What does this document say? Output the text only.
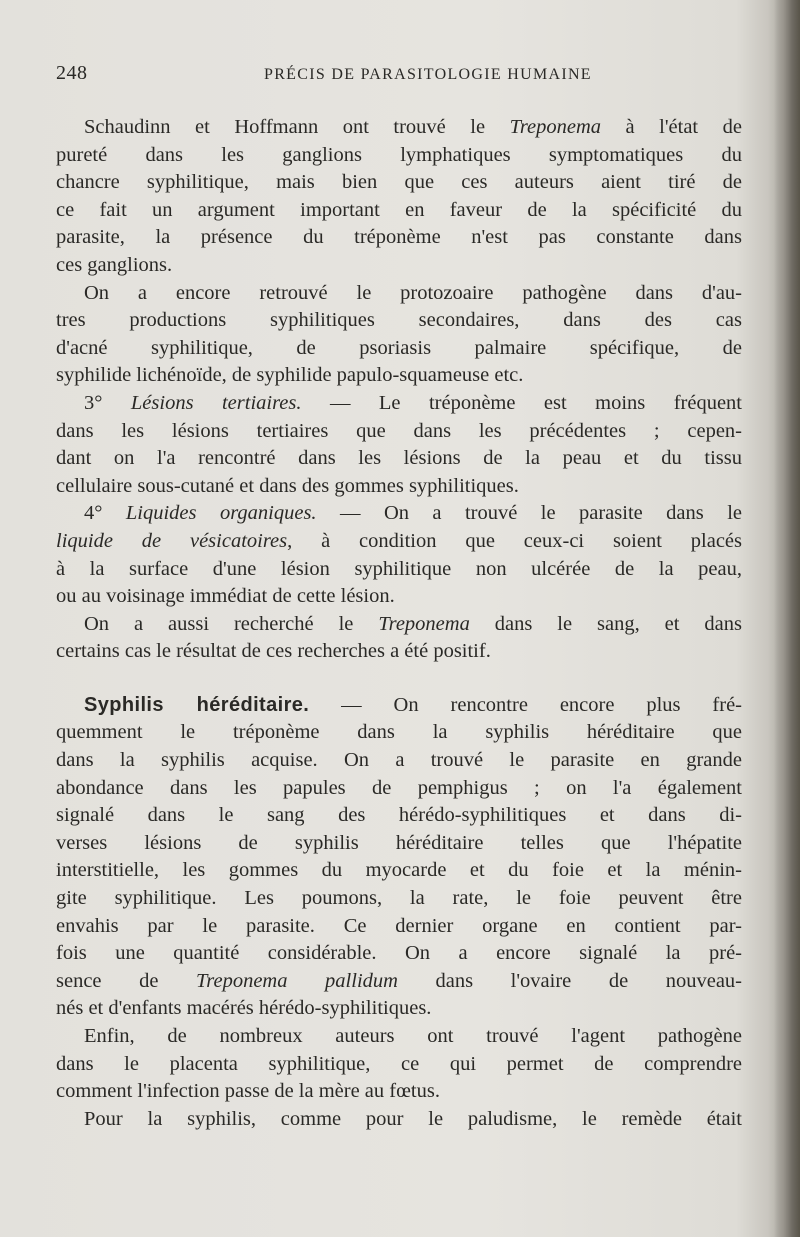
248	PRÉCIS DE PARASITOLOGIE HUMAINE

Schaudinn et Hoffmann ont trouvé le Treponema à l'état de
pureté dans les ganglions lymphatiques symptomatiques du
chancre syphilitique, mais bien que ces auteurs aient tiré de
ce fait un argument important en faveur de la spécificité du
parasite, la présence du tréponème n'est pas constante dans
ces ganglions.

On a encore retrouvé le protozoaire pathogène dans d'au-
tres productions syphilitiques secondaires, dans des cas
d'acné syphilitique, de psoriasis palmaire spécifique, de
syphilide lichénoïde, de syphilide papulo-squameuse etc.

3° Lésions tertiaires. — Le tréponème est moins fréquent
dans les lésions tertiaires que dans les précédentes ; cepen-
dant on l'a rencontré dans les lésions de la peau et du tissu
cellulaire sous-cutané et dans des gommes syphilitiques.

4° Liquides organiques. — On a trouvé le parasite dans le
liquide de vésicatoires, à condition que ceux-ci soient placés
à la surface d'une lésion syphilitique non ulcérée de la peau,
ou au voisinage immédiat de cette lésion.

On a aussi recherché le Treponema dans le sang, et dans
certains cas le résultat de ces recherches a été positif.

Syphilis héréditaire. — On rencontre encore plus fré-
quemment le tréponème dans la syphilis héréditaire que
dans la syphilis acquise. On a trouvé le parasite en grande
abondance dans les papules de pemphigus ; on l'a également
signalé dans le sang des hérédo-syphilitiques et dans di-
verses lésions de syphilis héréditaire telles que l'hépatite
interstitielle, les gommes du myocarde et du foie et la ménin-
gite syphilitique. Les poumons, la rate, le foie peuvent être
envahis par le parasite. Ce dernier organe en contient par-
fois une quantité considérable. On a encore signalé la pré-
sence de Treponema pallidum dans l'ovaire de nouveau-
nés et d'enfants macérés hérédo-syphilitiques.

Enfin, de nombreux auteurs ont trouvé l'agent pathogène
dans le placenta syphilitique, ce qui permet de comprendre
comment l'infection passe de la mère au fœtus.

Pour la syphilis, comme pour le paludisme, le remède était
